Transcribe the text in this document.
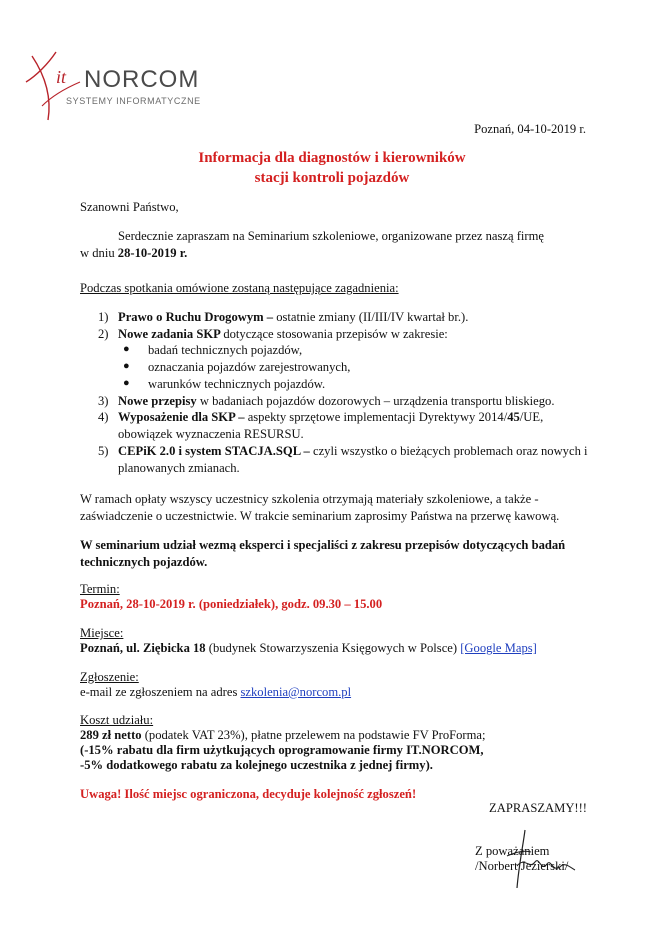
it NORCOM
SYSTEMY INFORMATYCZNE
Poznań, 04-10-2019 r.
Informacja dla diagnostów i kierowników
stacji kontroli pojazdów
Szanowni Państwo,
Serdecznie zapraszam na Seminarium szkoleniowe, organizowane przez naszą firmę
w dniu 28-10-2019 r.
Podczas spotkania omówione zostaną następujące zagadnienia:
1) Prawo o Ruchu Drogowym – ostatnie zmiany (II/III/IV kwartał br.).
2) Nowe zadania SKP dotyczące stosowania przepisów w zakresie:
● badań technicznych pojazdów,
● oznaczania pojazdów zarejestrowanych,
● warunków technicznych pojazdów.
3) Nowe przepisy w badaniach pojazdów dozorowych – urządzenia transportu bliskiego.
4) Wyposażenie dla SKP – aspekty sprzętowe implementacji Dyrektywy 2014/45/UE, obowiązek wyznaczenia RESURSU.
5) CEPiK 2.0 i system STACJA.SQL – czyli wszystko o bieżących problemach oraz nowych i planowanych zmianach.
W ramach opłaty wszyscy uczestnicy szkolenia otrzymają materiały szkoleniowe, a także - zaświadczenie o uczestnictwie. W trakcie seminarium zaprosimy Państwa na przerwę kawową.
W seminarium udział wezmą eksperci i specjaliści z zakresu przepisów dotyczących badań technicznych pojazdów.
Termin:
Poznań, 28-10-2019 r. (poniedziałek), godz. 09.30 – 15.00
Miejsce:
Poznań, ul. Ziębicka 18 (budynek Stowarzyszenia Księgowych w Polsce) [Google Maps]
Zgłoszenie:
e-mail ze zgłoszeniem na adres szkolenia@norcom.pl
Koszt udziału:
289 zł netto (podatek VAT 23%), płatne przelewem na podstawie FV ProForma;
(-15% rabatu dla firm użytkujących oprogramowanie firmy IT.NORCOM,
-5% dodatkowego rabatu za kolejnego uczestnika z jednej firmy).
Uwaga! Ilość miejsc ograniczona, decyduje kolejność zgłoszeń!
ZAPRASZAMY!!!
Z poważaniem
/Norbert Jezierski/
